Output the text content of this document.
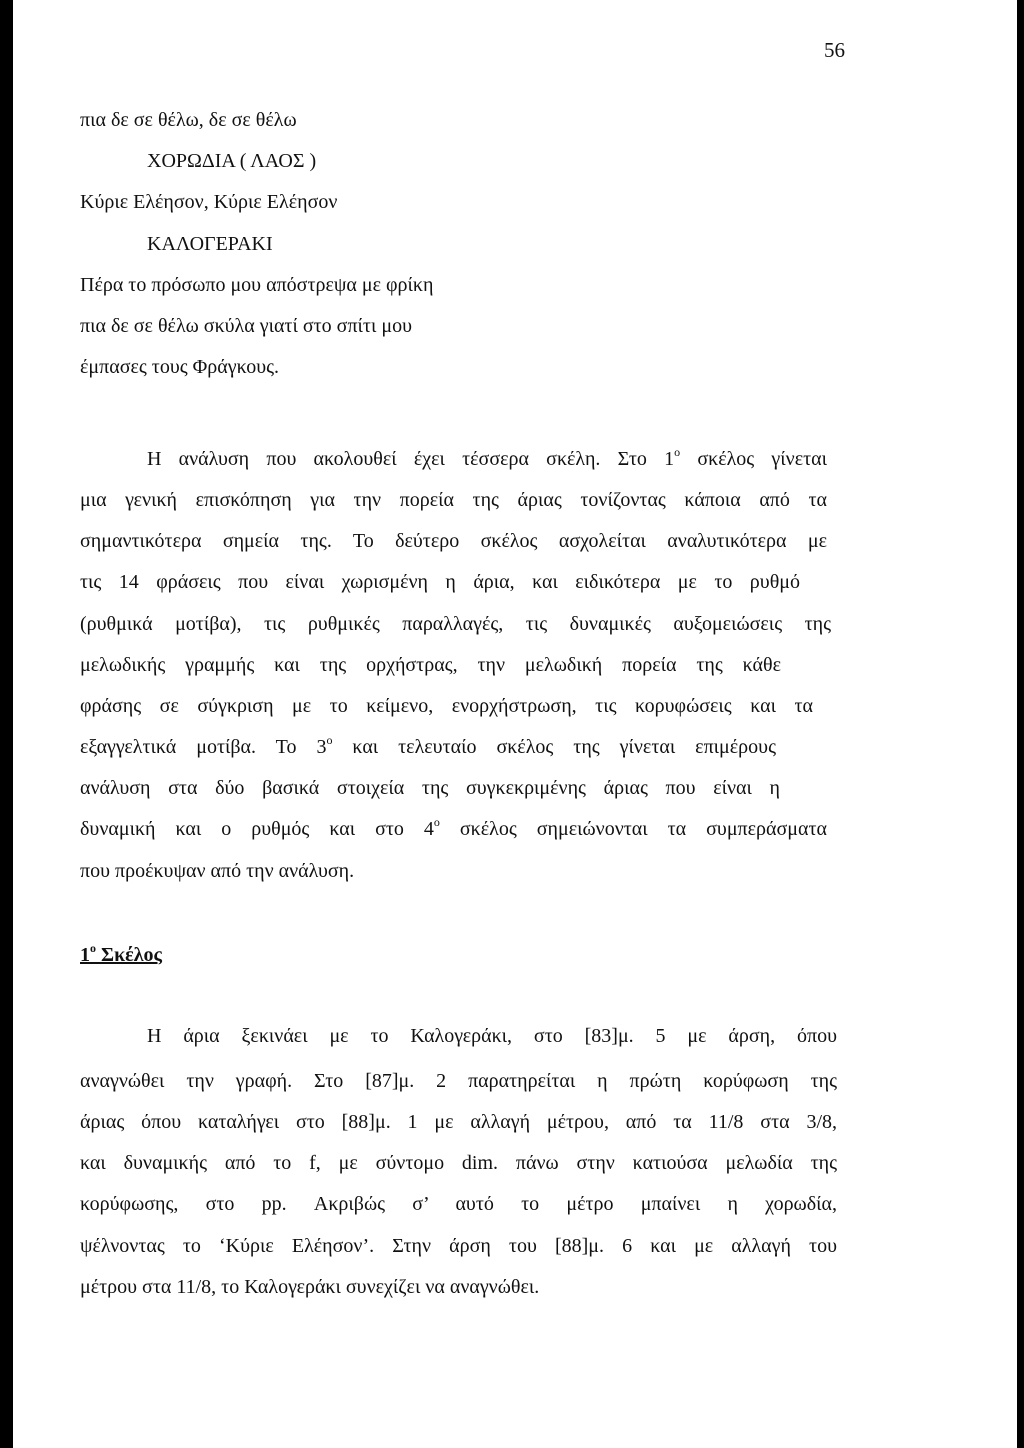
56
πια δε σε θέλω, δε σε θέλω
ΧΟΡΩΔΙΑ ( ΛΑΟΣ )
Κύριε Ελέησον, Κύριε Ελέησον
ΚΑΛΟΓΕΡΑΚΙ
Πέρα το πρόσωπο μου απόστρεψα με φρίκη
πια δε σε θέλω σκύλα γιατί στο σπίτι μου
έμπασες τους Φράγκους.
Η ανάλυση που ακολουθεί έχει τέσσερα σκέλη. Στο $1^o$ σκέλος γίνεται
μια γενική επισκόπηση για την πορεία της άριας τονίζοντας κάποια από τα
σημαντικότερα σημεία της. Το δεύτερο σκέλος ασχολείται αναλυτικότερα με
τις 14 φράσεις που είναι χωρισμένη η άρια, και ειδικότερα με το ρυθμό
(ρυθμικά μοτίβα), τις ρυθμικές παραλλαγές, τις δυναμικές αυξομειώσεις της
μελωδικής γραμμής και της ορχήστρας, την μελωδική πορεία της κάθε
φράσης σε σύγκριση με το κείμενο, ενορχήστρωση, τις κορυφώσεις και τα
εξαγγελτικά μοτίβα. Το $3^o$ και τελευταίο σκέλος της γίνεται επιμέρους
ανάλυση στα δύο βασικά στοιχεία της συγκεκριμένης άριας που είναι η
δυναμική και ο ρυθμός και στο $4^o$ σκέλος σημειώνονται τα συμπεράσματα
που προέκυψαν από την ανάλυση.
$1^o$ Σκέλος
Η άρια ξεκινάει με το Καλογεράκι, στο [83]μ. 5 με άρση, όπου
αναγνώθει την γραφή. Στο [87]μ. 2 παρατηρείται η πρώτη κορύφωση της
άριας όπου καταλήγει στο [88]μ. 1 με αλλαγή μέτρου, από τα 11/8 στα 3/8,
και δυναμικής από το f, με σύντομο dim. πάνω στην κατιούσα μελωδία της
κορύφωσης, στο pp. Ακριβώς σ’ αυτό το μέτρο μπαίνει η χορωδία,
ψέλνοντας το ‘Κύριε Ελέησον’. Στην άρση του [88]μ. 6 και με αλλαγή του
μέτρου στα 11/8, το Καλογεράκι συνεχίζει να αναγνώθει.
